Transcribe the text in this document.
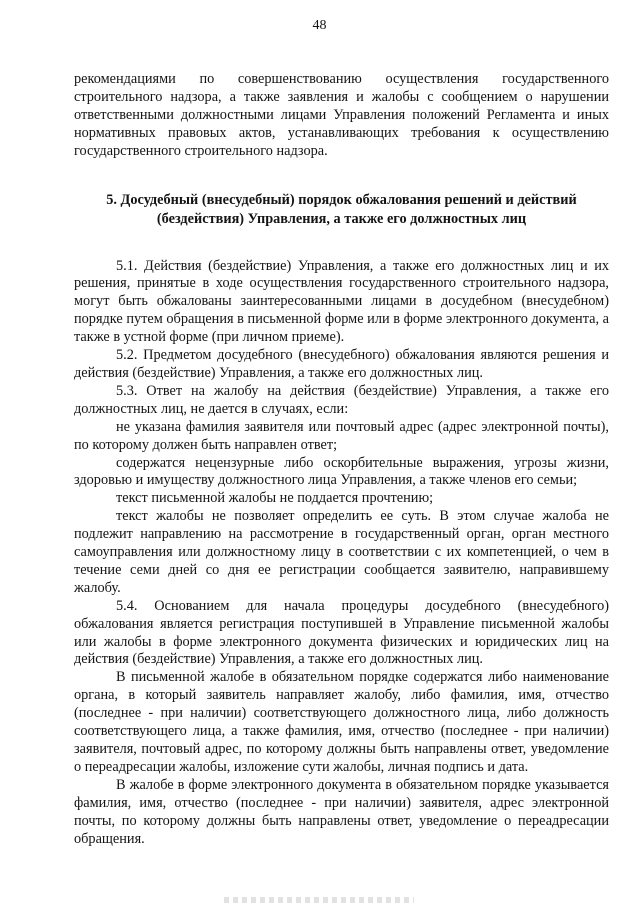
48

рекомендациями по совершенствованию осуществления государственного строительного надзора, а также заявления и жалобы с сообщением о нарушении ответственными должностными лицами Управления положений Регламента и иных нормативных правовых актов, устанавливающих требования к осуществлению государственного строительного надзора.

5. Досудебный (внесудебный) порядок обжалования решений и действий (бездействия) Управления, а также его должностных лиц

5.1. Действия (бездействие) Управления, а также его должностных лиц и их решения, принятые в ходе осуществления государственного строительного надзора, могут быть обжалованы заинтересованными лицами в досудебном (внесудебном) порядке путем обращения в письменной форме или в форме электронного документа, а также в устной форме (при личном приеме).

5.2. Предметом досудебного (внесудебного) обжалования являются решения и действия (бездействие) Управления, а также его должностных лиц.

5.3. Ответ на жалобу на действия (бездействие) Управления, а также его должностных лиц, не дается в случаях, если:

не указана фамилия заявителя или почтовый адрес (адрес электронной почты), по которому должен быть направлен ответ;

содержатся нецензурные либо оскорбительные выражения, угрозы жизни, здоровью и имуществу должностного лица Управления, а также членов его семьи;

текст письменной жалобы не поддается прочтению;

текст жалобы не позволяет определить ее суть. В этом случае жалоба не подлежит направлению на рассмотрение в государственный орган, орган местного самоуправления или должностному лицу в соответствии с их компетенцией, о чем в течение семи дней со дня ее регистрации сообщается заявителю, направившему жалобу.

5.4. Основанием для начала процедуры досудебного (внесудебного) обжалования является регистрация поступившей в Управление письменной жалобы или жалобы в форме электронного документа физических и юридических лиц на действия (бездействие) Управления, а также его должностных лиц.

В письменной жалобе в обязательном порядке содержатся либо наименование органа, в который заявитель направляет жалобу, либо фамилия, имя, отчество (последнее - при наличии) соответствующего должностного лица, либо должность соответствующего лица, а также фамилия, имя, отчество (последнее - при наличии) заявителя, почтовый адрес, по которому должны быть направлены ответ, уведомление о переадресации жалобы, изложение сути жалобы, личная подпись и дата.

В жалобе в форме электронного документа в обязательном порядке указывается фамилия, имя, отчество (последнее - при наличии) заявителя, адрес электронной почты, по которому должны быть направлены ответ, уведомление о переадресации обращения.
